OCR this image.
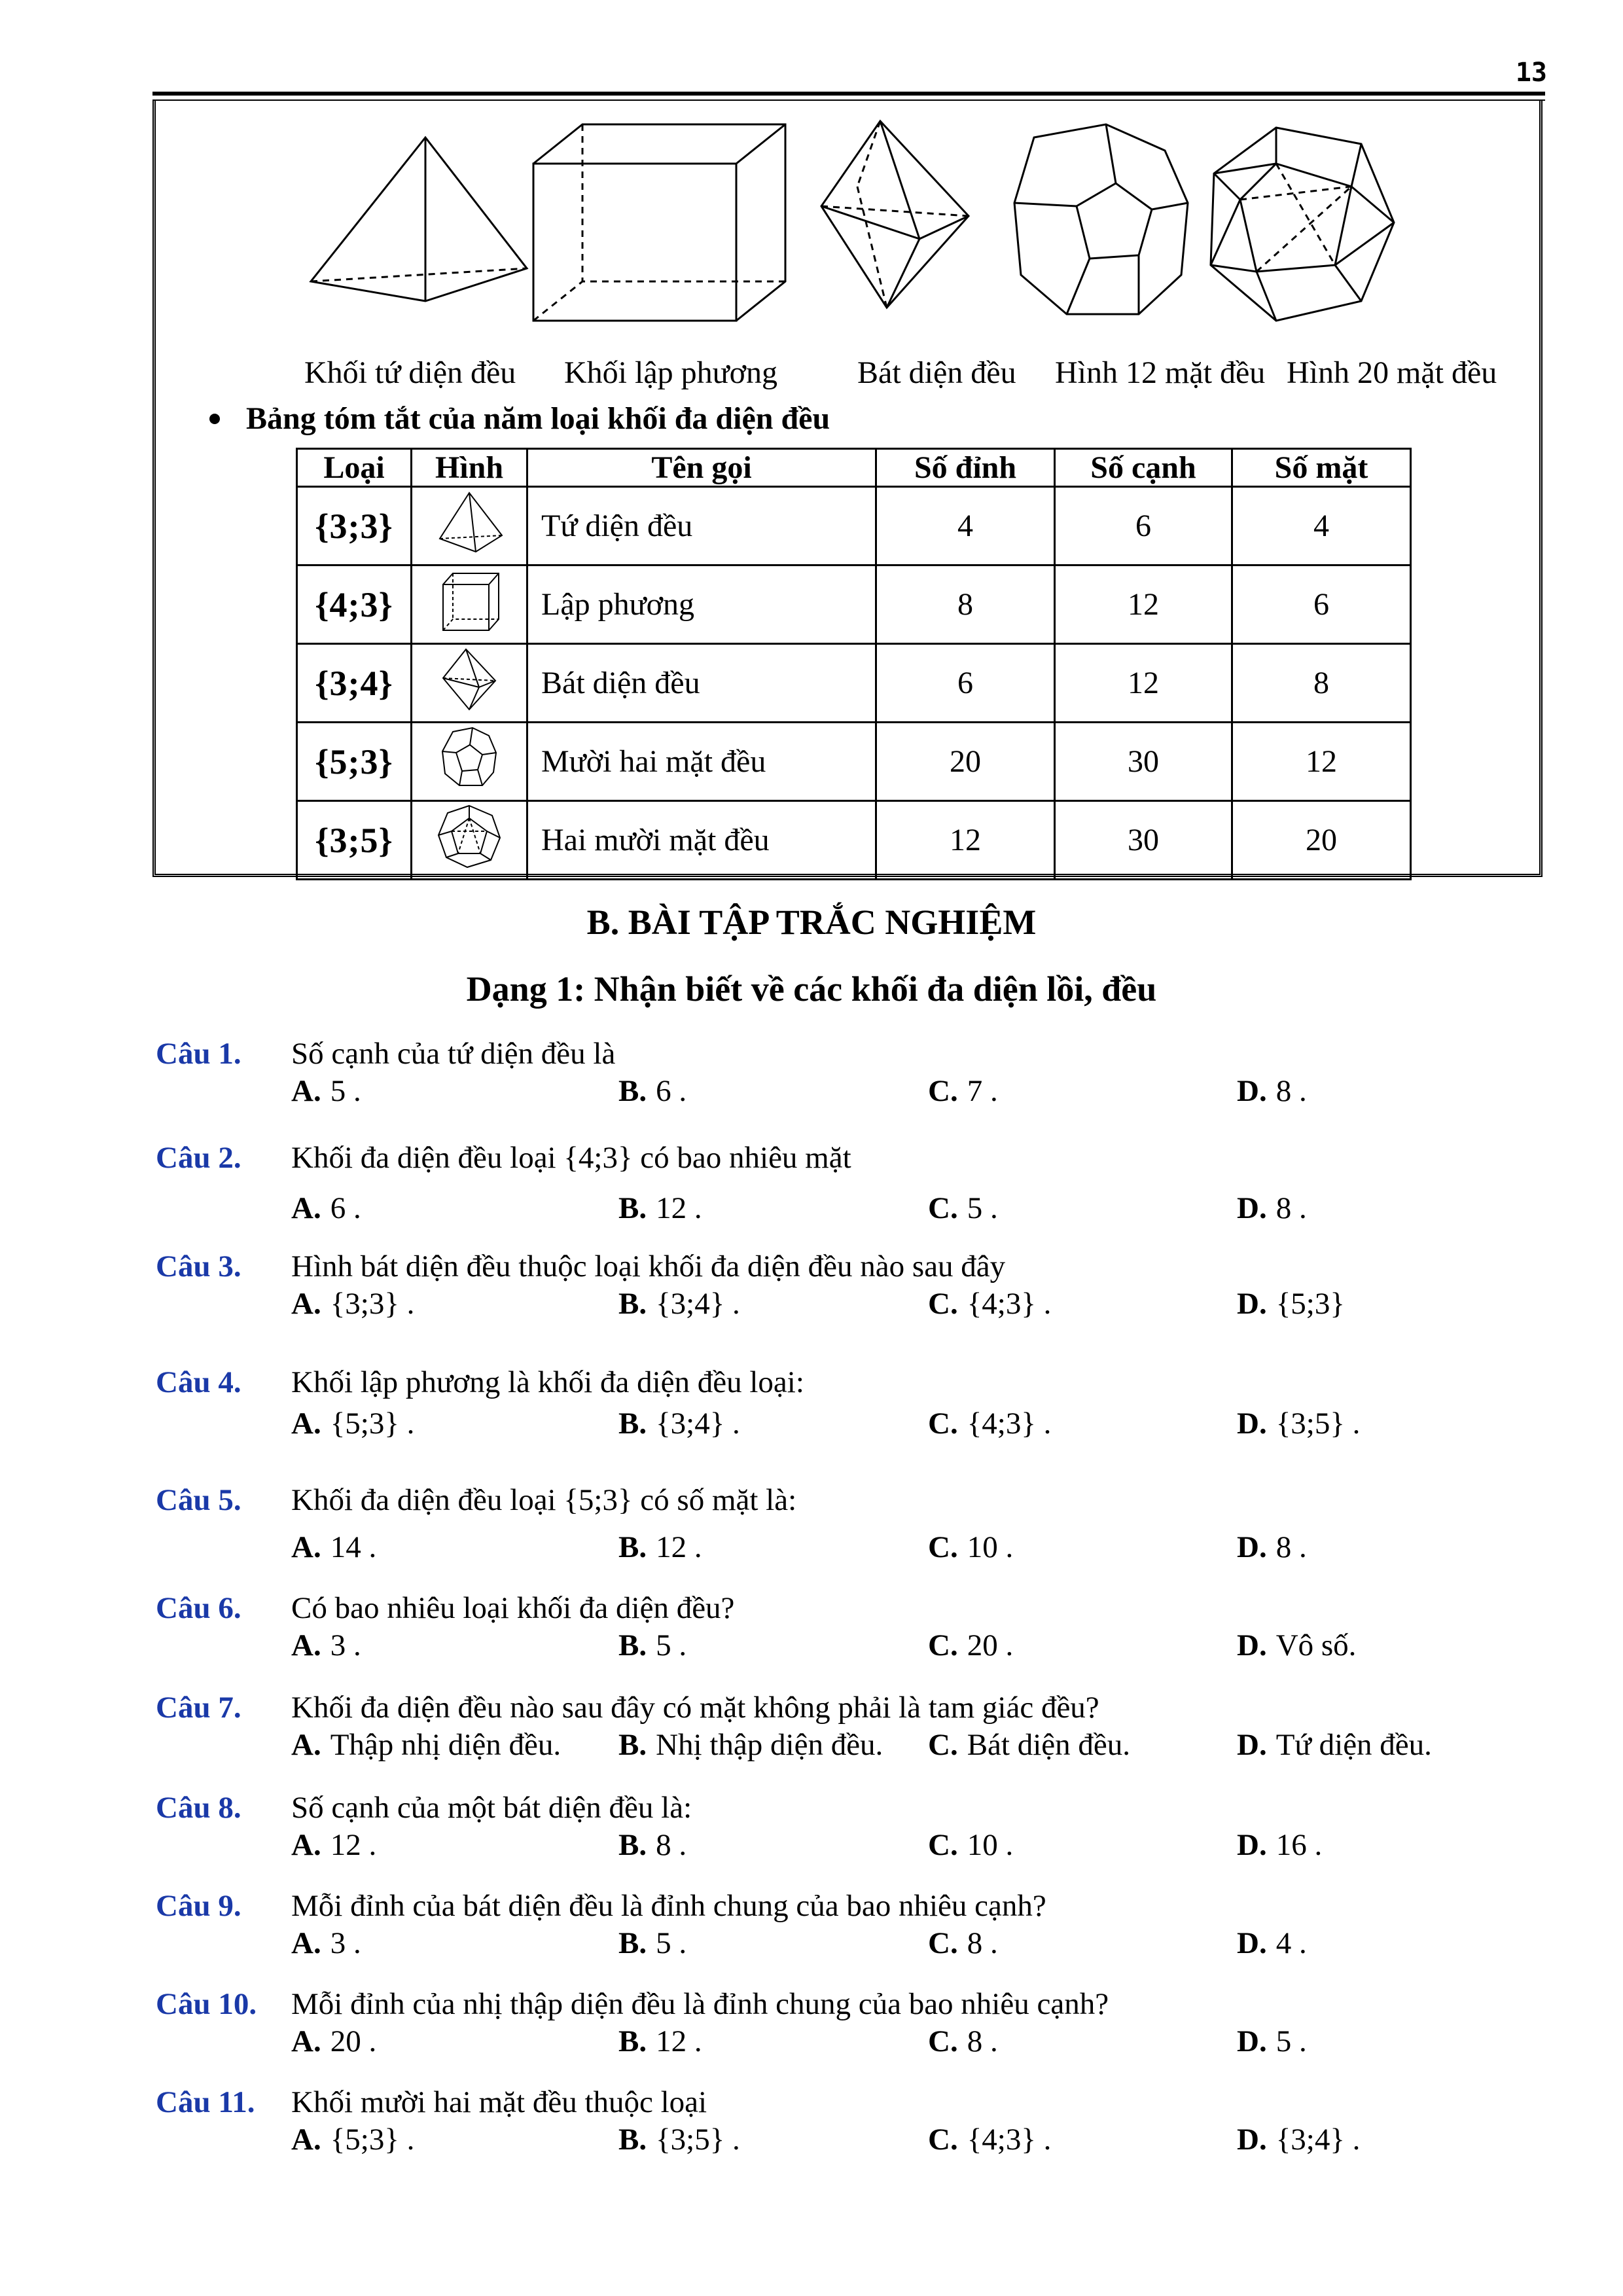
13
Khối tứ diện đều Khối lập phương	Bát diện đều Hình 12 mặt đều Hình 20 mặt đều
Bảng tóm tắt của năm loại khối đa diện đều
Loại	Hình	Tên gọi	Số đỉnh	Số cạnh	Số mặt
{3;3}		Tứ diện đều	4	6	4
{4;3}		Lập phương	8	12	6
{3;4}		Bát diện đều	6	12	8
{5;3}		Mười hai mặt đều	20	30	12
{3;5}		Hai mười mặt đều	12	30	20
B. BÀI TẬP TRẮC NGHIỆM
Dạng 1: Nhận biết về các khối đa diện lồi, đều
Câu 1. Số cạnh của tứ diện đều là
A. 5 .	B. 6 .	C. 7 .	D. 8 .
Câu 2. Khối đa diện đều loại {4;3} có bao nhiêu mặt
A. 6 .	B. 12 .	C. 5 .	D. 8 .
Câu 3. Hình bát diện đều thuộc loại khối đa diện đều nào sau đây
A. {3;3} .	B. {3;4} .	C. {4;3} .	D. {5;3}
Câu 4. Khối lập phương là khối đa diện đều loại:
A. {5;3} .	B. {3;4} .	C. {4;3} .	D. {3;5} .
Câu 5. Khối đa diện đều loại {5;3} có số mặt là:
A. 14 .	B. 12 .	C. 10 .	D. 8 .
Câu 6. Có bao nhiêu loại khối đa diện đều?
A. 3 .	B. 5 .	C. 20 .	D. Vô số.
Câu 7. Khối đa diện đều nào sau đây có mặt không phải là tam giác đều?
A. Thập nhị diện đều. B. Nhị thập diện đều. C. Bát diện đều.	D. Tứ diện đều.
Câu 8. Số cạnh của một bát diện đều là:
A. 12 .	B. 8 .	C. 10 .	D. 16 .
Câu 9. Mỗi đỉnh của bát diện đều là đỉnh chung của bao nhiêu cạnh?
A. 3 .	B. 5 .	C. 8 .	D. 4 .
Câu 10. Mỗi đỉnh của nhị thập diện đều là đỉnh chung của bao nhiêu cạnh?
A. 20 .	B. 12 .	C. 8 .	D. 5 .
Câu 11. Khối mười hai mặt đều thuộc loại
A. {5;3} .	B. {3;5} .	C. {4;3} .	D. {3;4} .
